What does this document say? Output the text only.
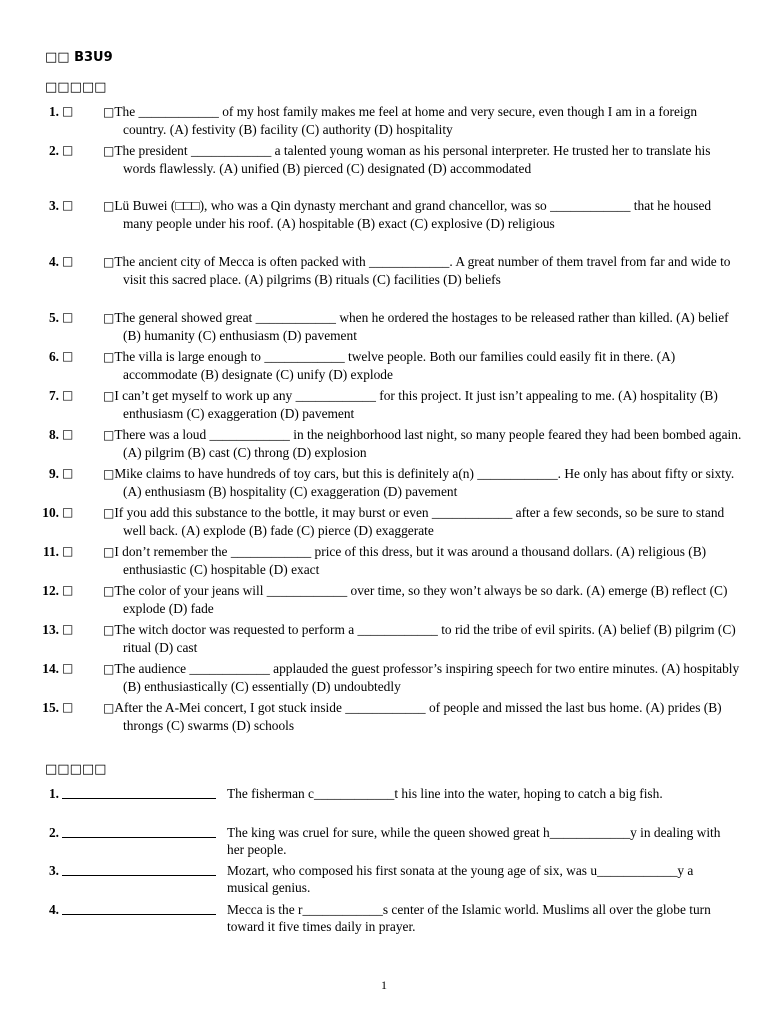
□□ B3U9
□□□□□
1. □ □The ____________ of my host family makes me feel at home and very secure, even though I am in a foreign country. (A) festivity (B) facility (C) authority (D) hospitality
2. □ □The president ____________ a talented young woman as his personal interpreter. He trusted her to translate his words flawlessly. (A) unified (B) pierced (C) designated (D) accommodated
3. □ □Lü Buwei (□□□), who was a Qin dynasty merchant and grand chancellor, was so ____________ that he housed many people under his roof. (A) hospitable (B) exact (C) explosive (D) religious
4. □ □The ancient city of Mecca is often packed with ____________. A great number of them travel from far and wide to visit this sacred place. (A) pilgrims (B) rituals (C) facilities (D) beliefs
5. □ □The general showed great ____________ when he ordered the hostages to be released rather than killed. (A) belief (B) humanity (C) enthusiasm (D) pavement
6. □ □The villa is large enough to ____________ twelve people. Both our families could easily fit in there. (A) accommodate (B) designate (C) unify (D) explode
7. □ □I can’t get myself to work up any ____________ for this project. It just isn’t appealing to me. (A) hospitality (B) enthusiasm (C) exaggeration (D) pavement
8. □ □There was a loud ____________ in the neighborhood last night, so many people feared they had been bombed again. (A) pilgrim (B) cast (C) throng (D) explosion
9. □ □Mike claims to have hundreds of toy cars, but this is definitely a(n) ____________. He only has about fifty or sixty. (A) enthusiasm (B) hospitality (C) exaggeration (D) pavement
10. □ □If you add this substance to the bottle, it may burst or even ____________ after a few seconds, so be sure to stand well back. (A) explode (B) fade (C) pierce (D) exaggerate
11. □ □I don’t remember the ____________ price of this dress, but it was around a thousand dollars. (A) religious (B) enthusiastic (C) hospitable (D) exact
12. □ □The color of your jeans will ____________ over time, so they won’t always be so dark. (A) emerge (B) reflect (C) explode (D) fade
13. □ □The witch doctor was requested to perform a ____________ to rid the tribe of evil spirits. (A) belief (B) pilgrim (C) ritual (D) cast
14. □ □The audience ____________ applauded the guest professor’s inspiring speech for two entire minutes. (A) hospitably (B) enthusiastically (C) essentially (D) undoubtedly
15. □ □After the A-Mei concert, I got stuck inside ____________ of people and missed the last bus home. (A) prides (B) throngs (C) swarms (D) schools
□□□□□
1.	The fisherman c____________t his line into the water, hoping to catch a big fish.
2.	The king was cruel for sure, while the queen showed great h____________y in dealing with her people.
3.	Mozart, who composed his first sonata at the young age of six, was u____________y a musical genius.
4.	Mecca is the r____________s center of the Islamic world. Muslims all over the globe turn toward it five times daily in prayer.
1
